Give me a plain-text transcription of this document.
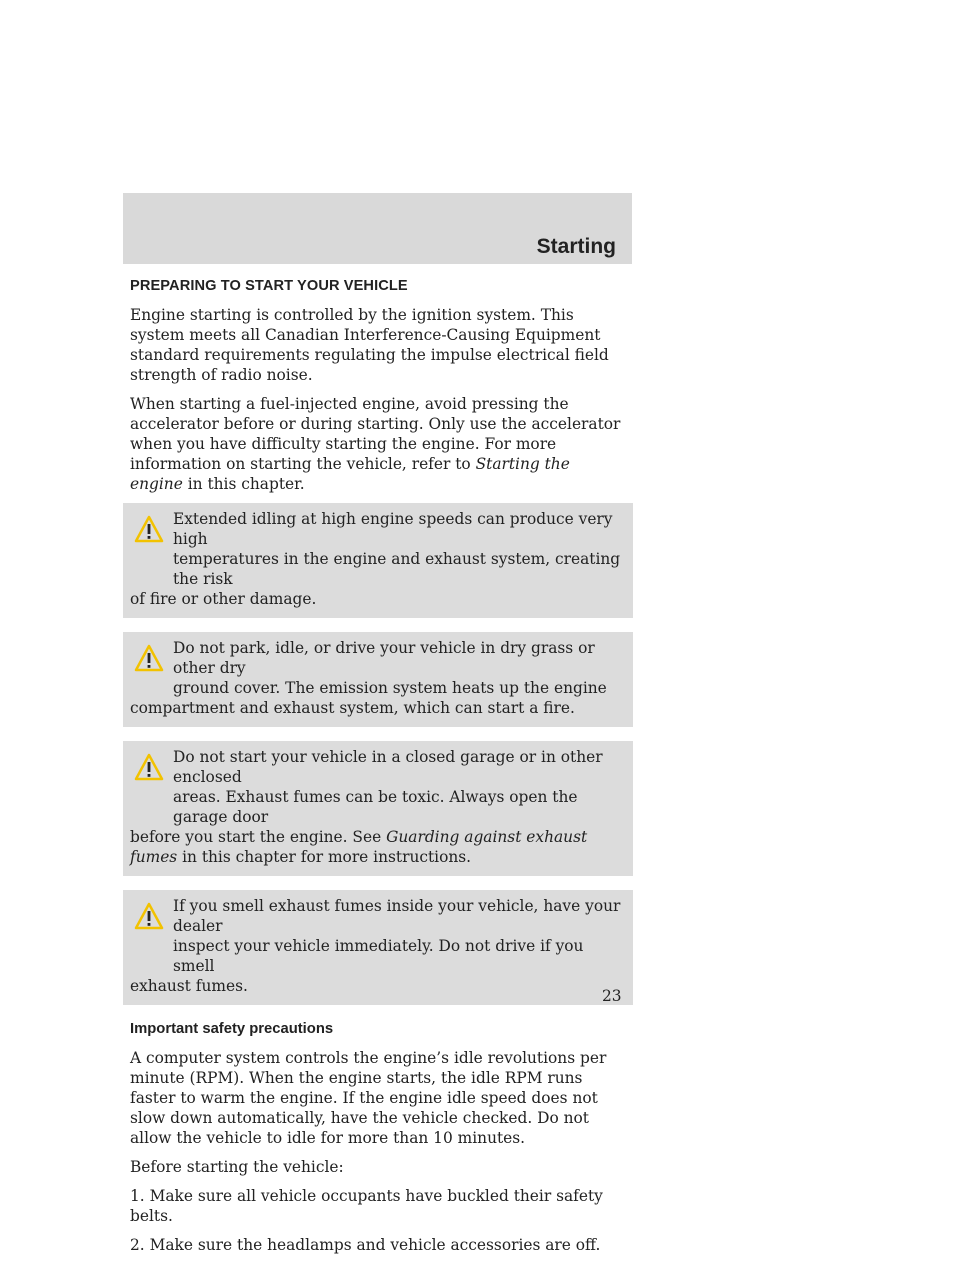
Starting
PREPARING TO START YOUR VEHICLE

Engine starting is controlled by the ignition system. This system meets all Canadian Interference-Causing Equipment standard requirements regulating the impulse electrical field strength of radio noise.

When starting a fuel-injected engine, avoid pressing the accelerator before or during starting. Only use the accelerator when you have difficulty starting the engine. For more information on starting the vehicle, refer to Starting the engine in this chapter.

Extended idling at high engine speeds can produce very high
temperatures in the engine and exhaust system, creating the risk
of fire or other damage.
Do not park, idle, or drive your vehicle in dry grass or other dry
ground cover. The emission system heats up the engine
compartment and exhaust system, which can start a fire.
Do not start your vehicle in a closed garage or in other enclosed
areas. Exhaust fumes can be toxic. Always open the garage door
before you start the engine. See Guarding against exhaust fumes in this chapter for more instructions.
If you smell exhaust fumes inside your vehicle, have your dealer
inspect your vehicle immediately. Do not drive if you smell
exhaust fumes.
Important safety precautions

A computer system controls the engine’s idle revolutions per minute (RPM). When the engine starts, the idle RPM runs faster to warm the engine. If the engine idle speed does not slow down automatically, have the vehicle checked. Do not allow the vehicle to idle for more than 10 minutes.

Before starting the vehicle:

1. Make sure all vehicle occupants have buckled their safety belts.

2. Make sure the headlamps and vehicle accessories are off.

23
